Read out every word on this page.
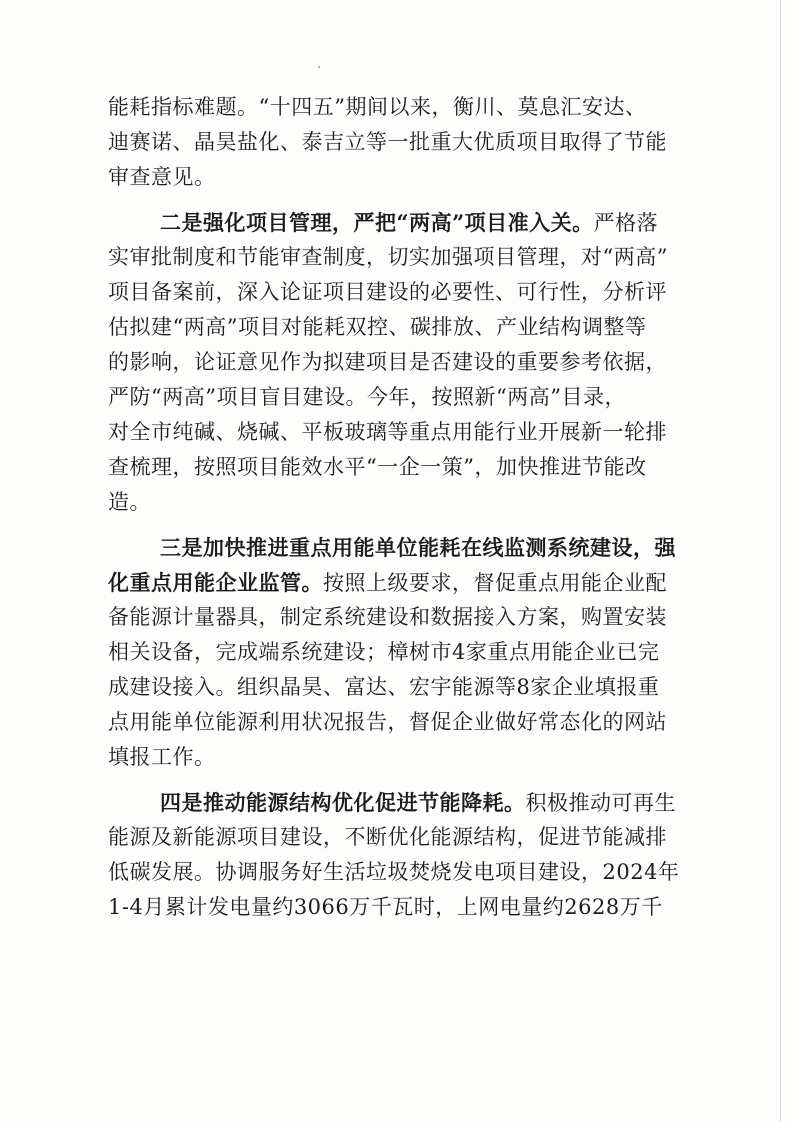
能耗指标难题。“十四五”期间以来，衡川、莫息汇安达、
迪赛诺、晶昊盐化、泰吉立等一批重大优质项目取得了节能
审查意见。
二是强化项目管理，严把“两高”项目准入关。严格落
实审批制度和节能审查制度，切实加强项目管理，对“两高”
项目备案前，深入论证项目建设的必要性、可行性，分析评
估拟建“两高”项目对能耗双控、碳排放、产业结构调整等
的影响，论证意见作为拟建项目是否建设的重要参考依据，
严防“两高”项目盲目建设。今年，按照新“两高”目录，
对全市纯碱、烧碱、平板玻璃等重点用能行业开展新一轮排
查梳理，按照项目能效水平“一企一策”，加快推进节能改
造。
三是加快推进重点用能单位能耗在线监测系统建设，强
化重点用能企业监管。按照上级要求，督促重点用能企业配
备能源计量器具，制定系统建设和数据接入方案，购置安装
相关设备，完成端系统建设；樟树市4家重点用能企业已完
成建设接入。组织晶昊、富达、宏宇能源等8家企业填报重
点用能单位能源利用状况报告，督促企业做好常态化的网站
填报工作。
四是推动能源结构优化促进节能降耗。积极推动可再生
能源及新能源项目建设，不断优化能源结构，促进节能减排
低碳发展。协调服务好生活垃圾焚烧发电项目建设，2024年
1-4月累计发电量约3066万千瓦时，上网电量约2628万千
